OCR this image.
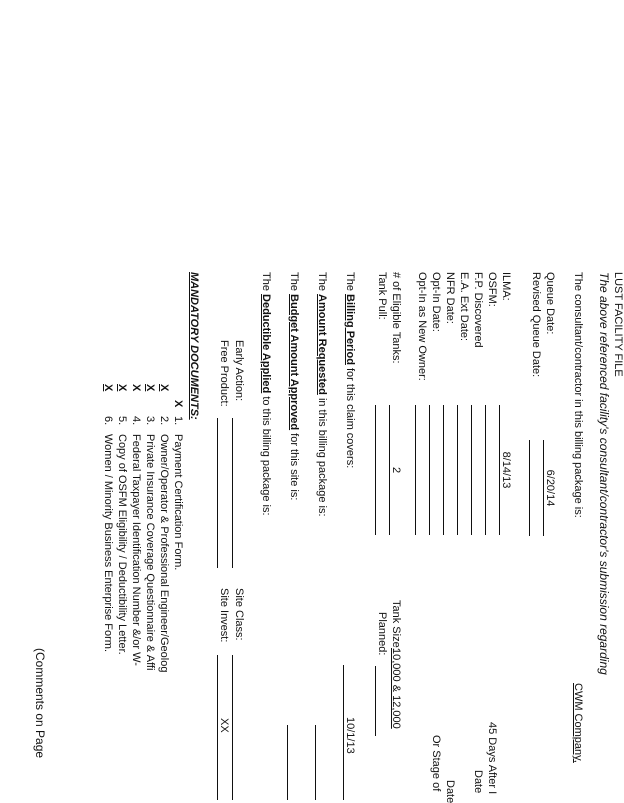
LUST FACILITY FILE
The above referenced facility's consultant/contractor's submission regarding
The consultant/contractor in this billing package is:
CWM Company,
Queue Date:
6/20/14
Revised Queue Date:
ILMA:
8/14/13
OSFM:
F.P. Discovered
E.A. Ext Date:
NFR Date:
Opt-In Date:
Opt-In as New Owner:
# of Eligible Tanks:
2
Tank Pull:
Tank Size:
10,000 & 12,000
Planned:
45 Days After I
Date
Date
Or Stage of
The Billing Period for this claim covers:
10/1/13
The Amount Requested in this billing package is:
The Budget Amount Approved for this site is:
The Deductible Applied to this billing package is:
Early Action:
Free Product:
Site Class:
Site Invest:
XX
MANDATORY DOCUMENTS:
X
1.
Payment Certification Form.
X
2.
Owner/Operator & Professional Engineer/Geolog
X
3.
Private Insurance Coverage Questionnaire & Affi
X
4.
Federal Taxpayer Identification Number &/or W-
X
5.
Copy of OSFM Eligibility / Deductibility Letter.
X
6.
Women / Minority Business Enterprise Form.
(Comments on Page
